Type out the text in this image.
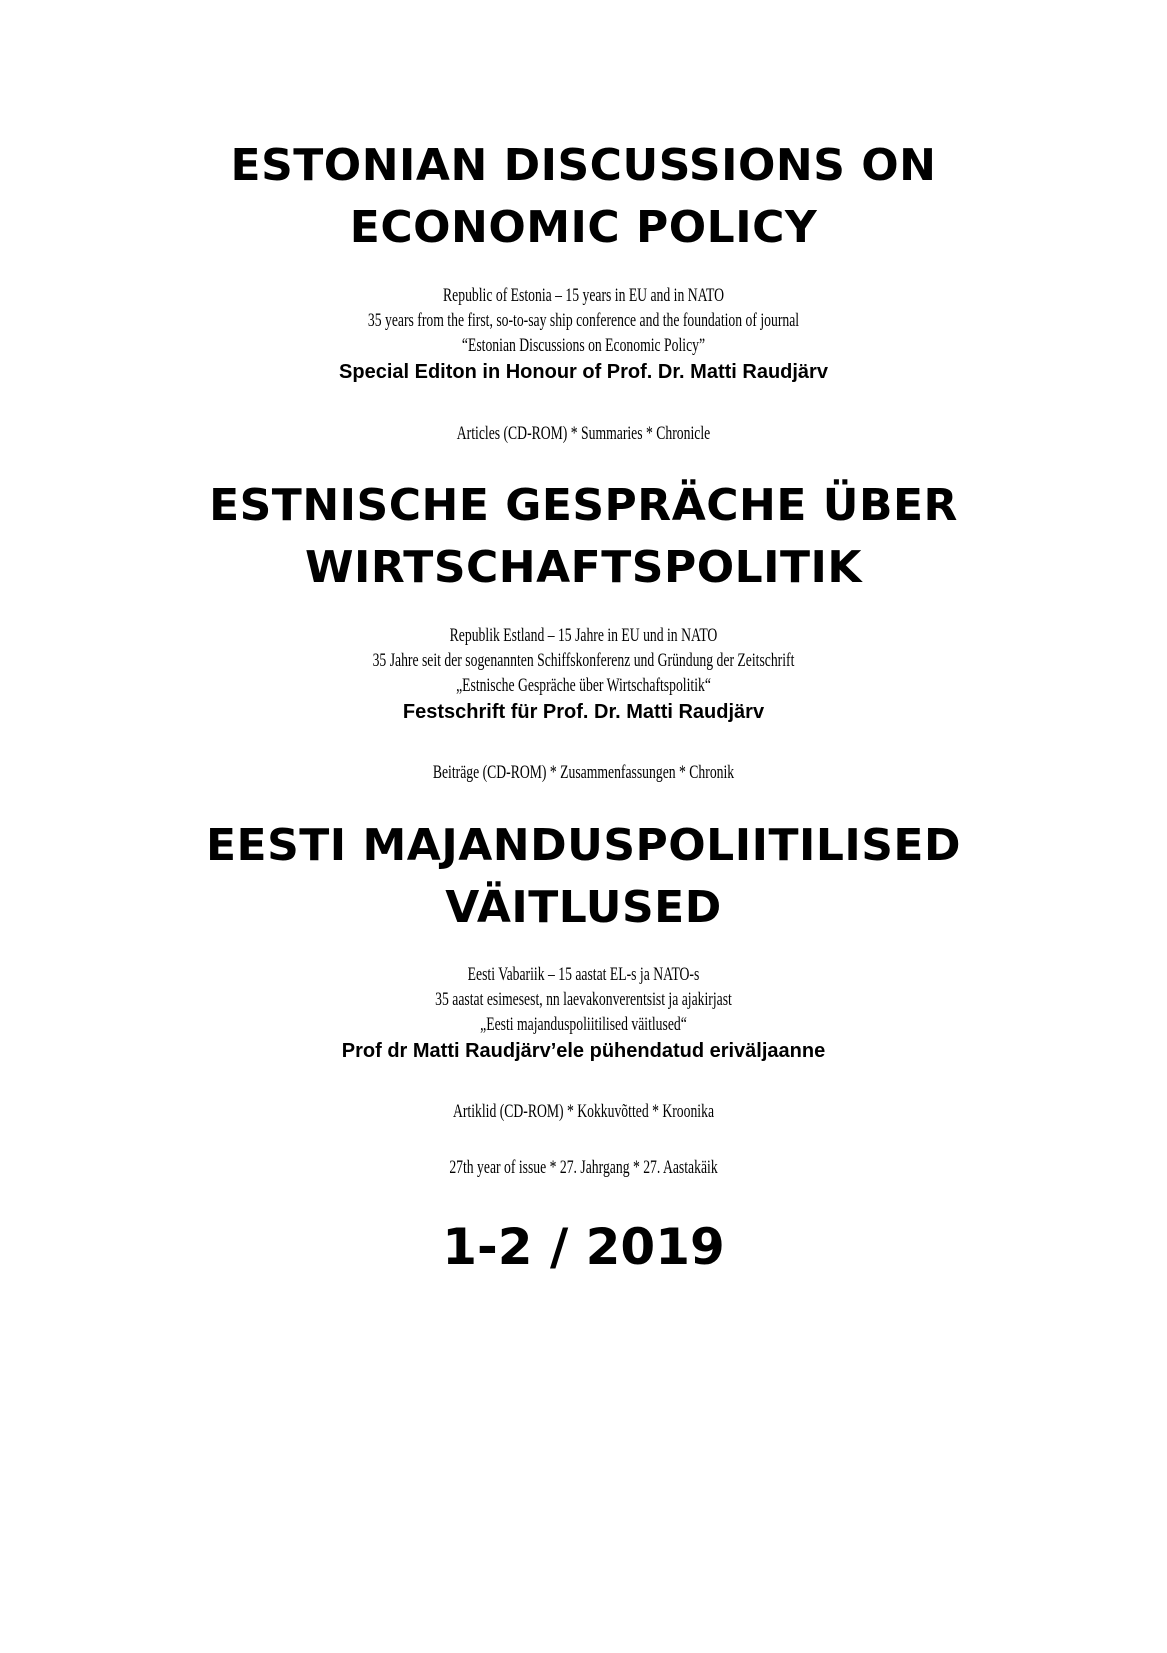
ESTONIAN DISCUSSIONS ON

ECONOMIC POLICY

Republic of Estonia – 15 years in EU and in NATO

35 years from the first, so-to-say ship conference and the foundation of journal

“Estonian Discussions on Economic Policy”

Special Editon in Honour of Prof. Dr. Matti Raudjärv

Articles (CD-ROM) * Summaries * Chronicle

ESTNISCHE GESPRÄCHE ÜBER

WIRTSCHAFTSPOLITIK

Republik Estland – 15 Jahre in EU und in NATO

35 Jahre seit der sogenannten Schiffskonferenz und Gründung der Zeitschrift

„Estnische Gespräche über Wirtschaftspolitik“

Festschrift für Prof. Dr. Matti Raudjärv

Beiträge (CD-ROM) * Zusammenfassungen * Chronik

EESTI MAJANDUSPOLIITILISED

VÄITLUSED

Eesti Vabariik – 15 aastat EL-s ja NATO-s

35 aastat esimesest, nn laevakonverentsist ja ajakirjast

„Eesti majanduspoliitilised väitlused“

Prof dr Matti Raudjärv’ele pühendatud eriväljaanne

Artiklid (CD-ROM) * Kokkuvõtted * Kroonika

27th year of issue * 27. Jahrgang * 27. Aastakäik

1-2 / 2019
